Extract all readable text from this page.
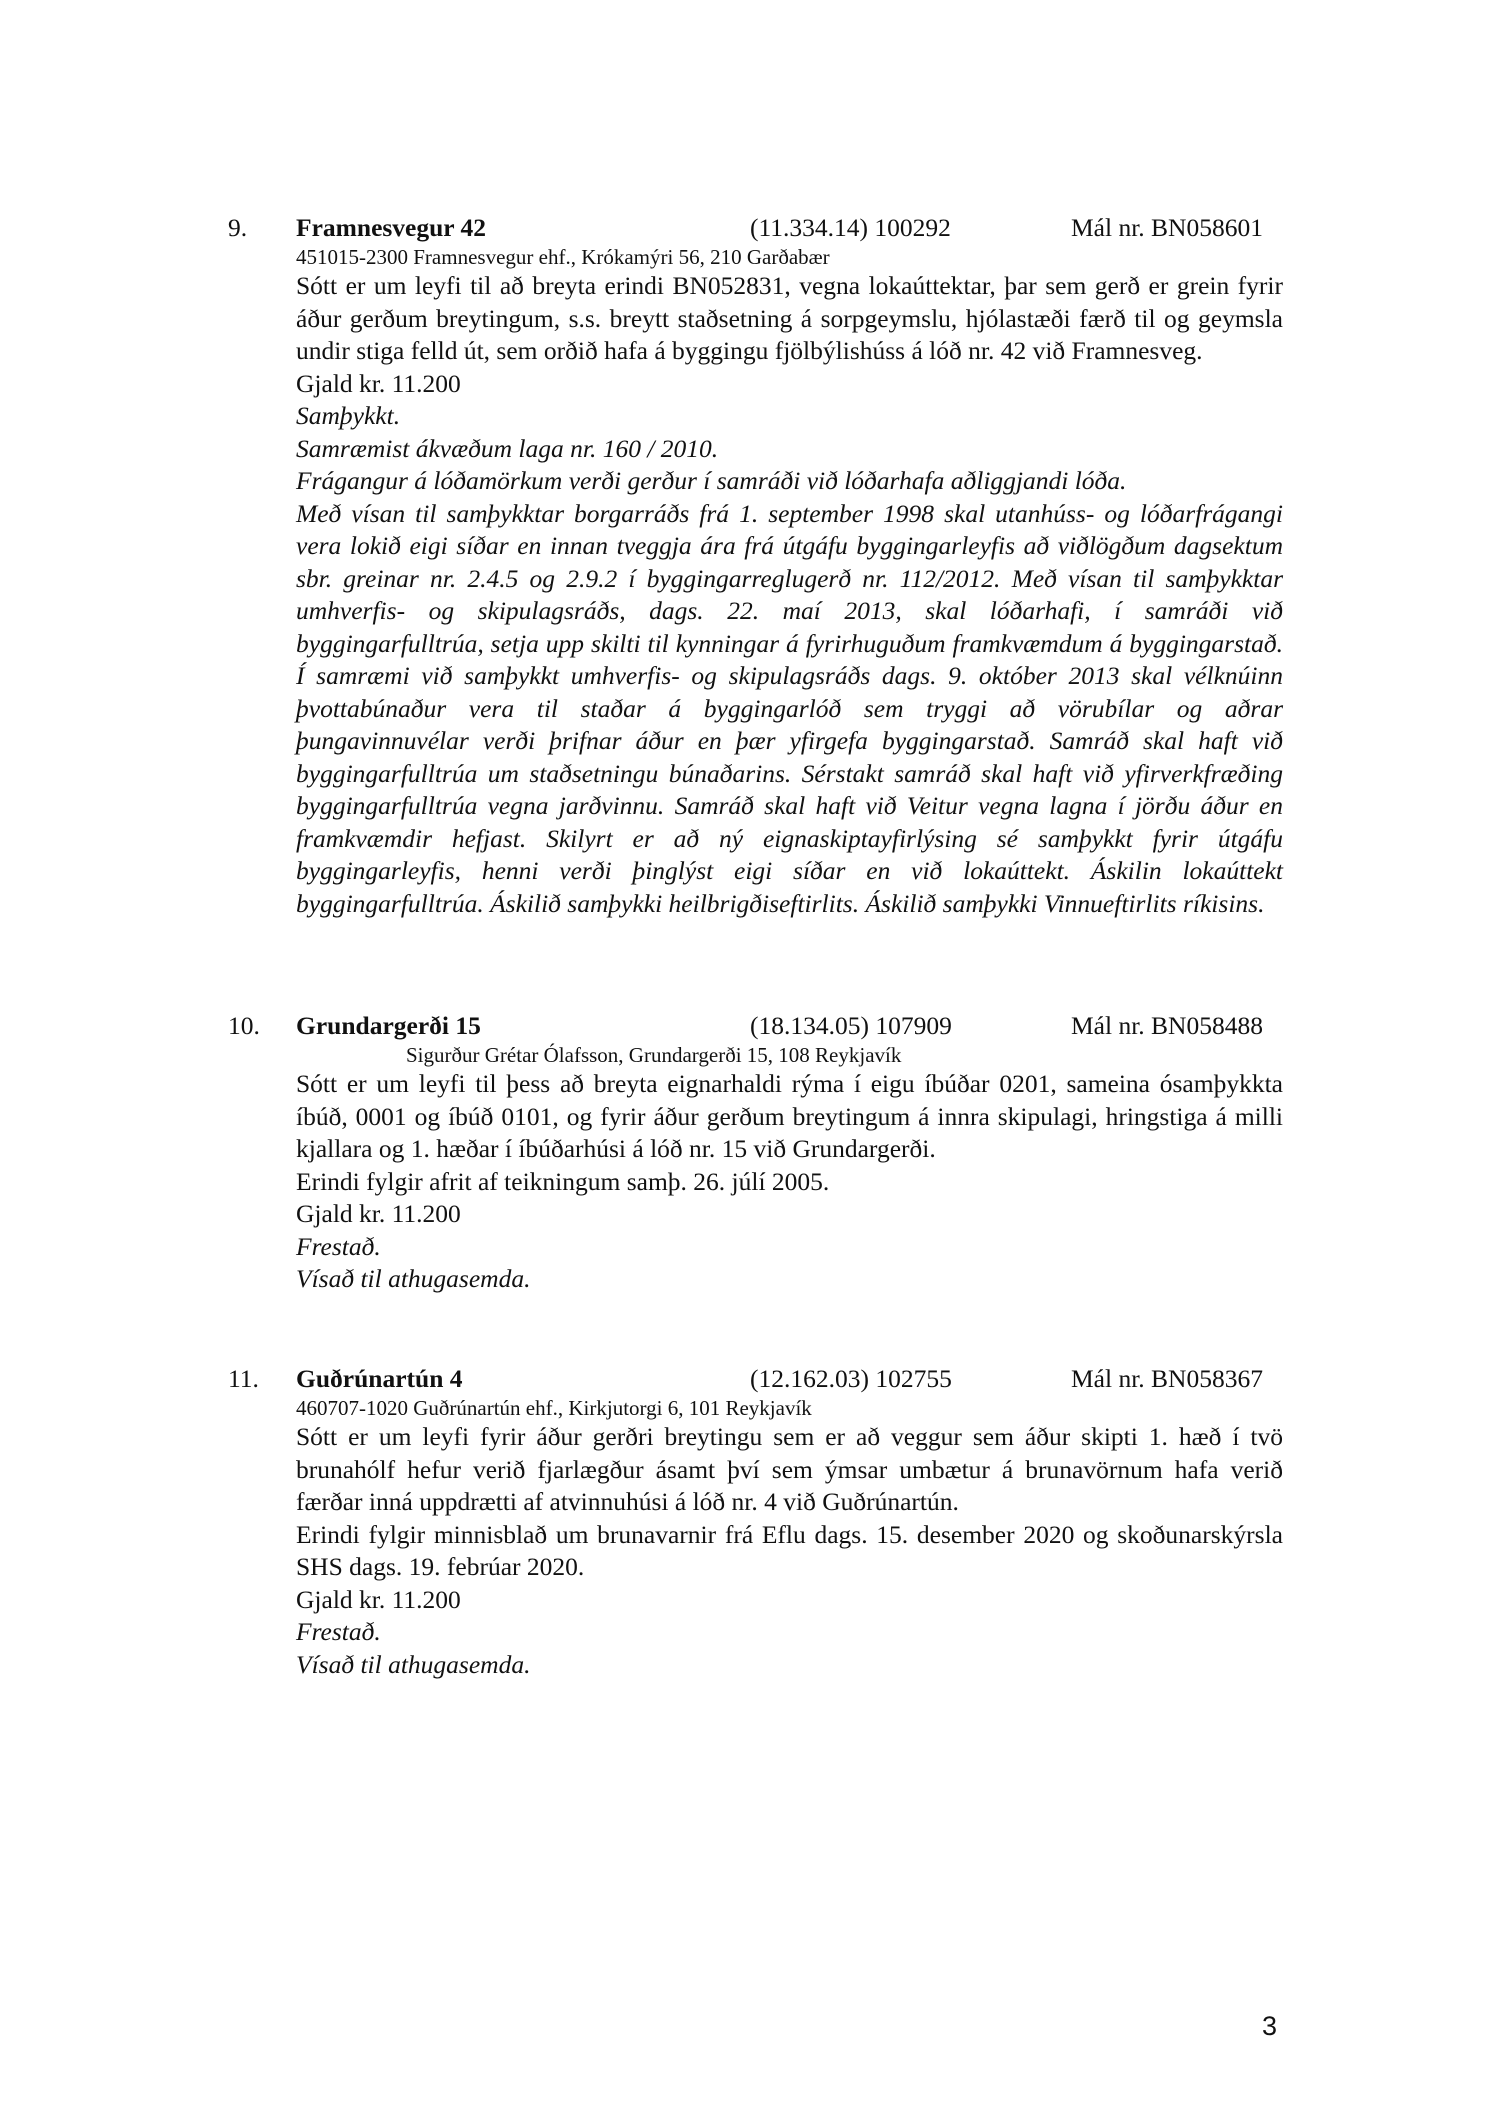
9. Framnesvegur 42	(11.334.14) 100292	Mál nr. BN058601
451015-2300 Framnesvegur ehf., Krókamýri 56, 210 Garðabær

Sótt er um leyfi til að breyta erindi BN052831, vegna lokaúttektar, þar sem gerð er grein fyrir áður gerðum breytingum, s.s. breytt staðsetning á sorpgeymslu, hjólastæði færð til og geymsla undir stiga felld út, sem orðið hafa á byggingu fjölbýlishúss á lóð nr. 42 við Framnesveg.

Gjald kr. 11.200

Samþykkt.

Samræmist ákvæðum laga nr. 160 / 2010.

Frágangur á lóðamörkum verði gerður í samráði við lóðarhafa aðliggjandi lóða.

Með vísan til samþykktar borgarráðs frá 1. september 1998 skal utanhúss- og lóðarfrágangi vera lokið eigi síðar en innan tveggja ára frá útgáfu byggingarleyfis að viðlögðum dagsektum sbr. greinar nr. 2.4.5 og 2.9.2 í byggingarreglugerð nr. 112/2012. Með vísan til samþykktar umhverfis- og skipulagsráðs, dags. 22. maí 2013, skal lóðarhafi, í samráði við byggingarfulltrúa, setja upp skilti til kynningar á fyrirhuguðum framkvæmdum á byggingarstað. Í samræmi við samþykkt umhverfis- og skipulagsráðs dags. 9. október 2013 skal vélknúinn þvottabúnaður vera til staðar á byggingarlóð sem tryggi að vörubílar og aðrar þungavinnuvélar verði þrifnar áður en þær yfirgefa byggingarstað. Samráð skal haft við byggingarfulltrúa um staðsetningu búnaðarins. Sérstakt samráð skal haft við yfirverkfræðing byggingarfulltrúa vegna jarðvinnu. Samráð skal haft við Veitur vegna lagna í jörðu áður en framkvæmdir hefjast. Skilyrt er að ný eignaskiptayfirlýsing sé samþykkt fyrir útgáfu byggingarleyfis, henni verði þinglýst eigi síðar en við lokaúttekt. Áskilin lokaúttekt byggingarfulltrúa. Áskilið samþykki heilbrigðiseftirlits. Áskilið samþykki Vinnueftirlits ríkisins.

10. Grundargerði 15	(18.134.05) 107909	Mál nr. BN058488
Sigurður Grétar Ólafsson, Grundargerði 15, 108 Reykjavík

Sótt er um leyfi til þess að breyta eignarhaldi rýma í eigu íbúðar 0201, sameina ósamþykkta íbúð, 0001 og íbúð 0101, og fyrir áður gerðum breytingum á innra skipulagi, hringstiga á milli kjallara og 1. hæðar í íbúðarhúsi á lóð nr. 15 við Grundargerði.

Erindi fylgir afrit af teikningum samþ. 26. júlí 2005.

Gjald kr. 11.200

Frestað.

Vísað til athugasemda.

11. Guðrúnartún 4	(12.162.03) 102755	Mál nr. BN058367
460707-1020 Guðrúnartún ehf., Kirkjutorgi 6, 101 Reykjavík

Sótt er um leyfi fyrir áður gerðri breytingu sem er að veggur sem áður skipti 1. hæð í tvö brunahólf hefur verið fjarlægður ásamt því sem ýmsar umbætur á brunavörnum hafa verið færðar inná uppdrætti af atvinnuhúsi á lóð nr. 4 við Guðrúnartún.

Erindi fylgir minnisblað um brunavarnir frá Eflu dags. 15. desember 2020 og skoðunarskýrsla SHS dags. 19. febrúar 2020.

Gjald kr. 11.200

Frestað.

Vísað til athugasemda.

3
